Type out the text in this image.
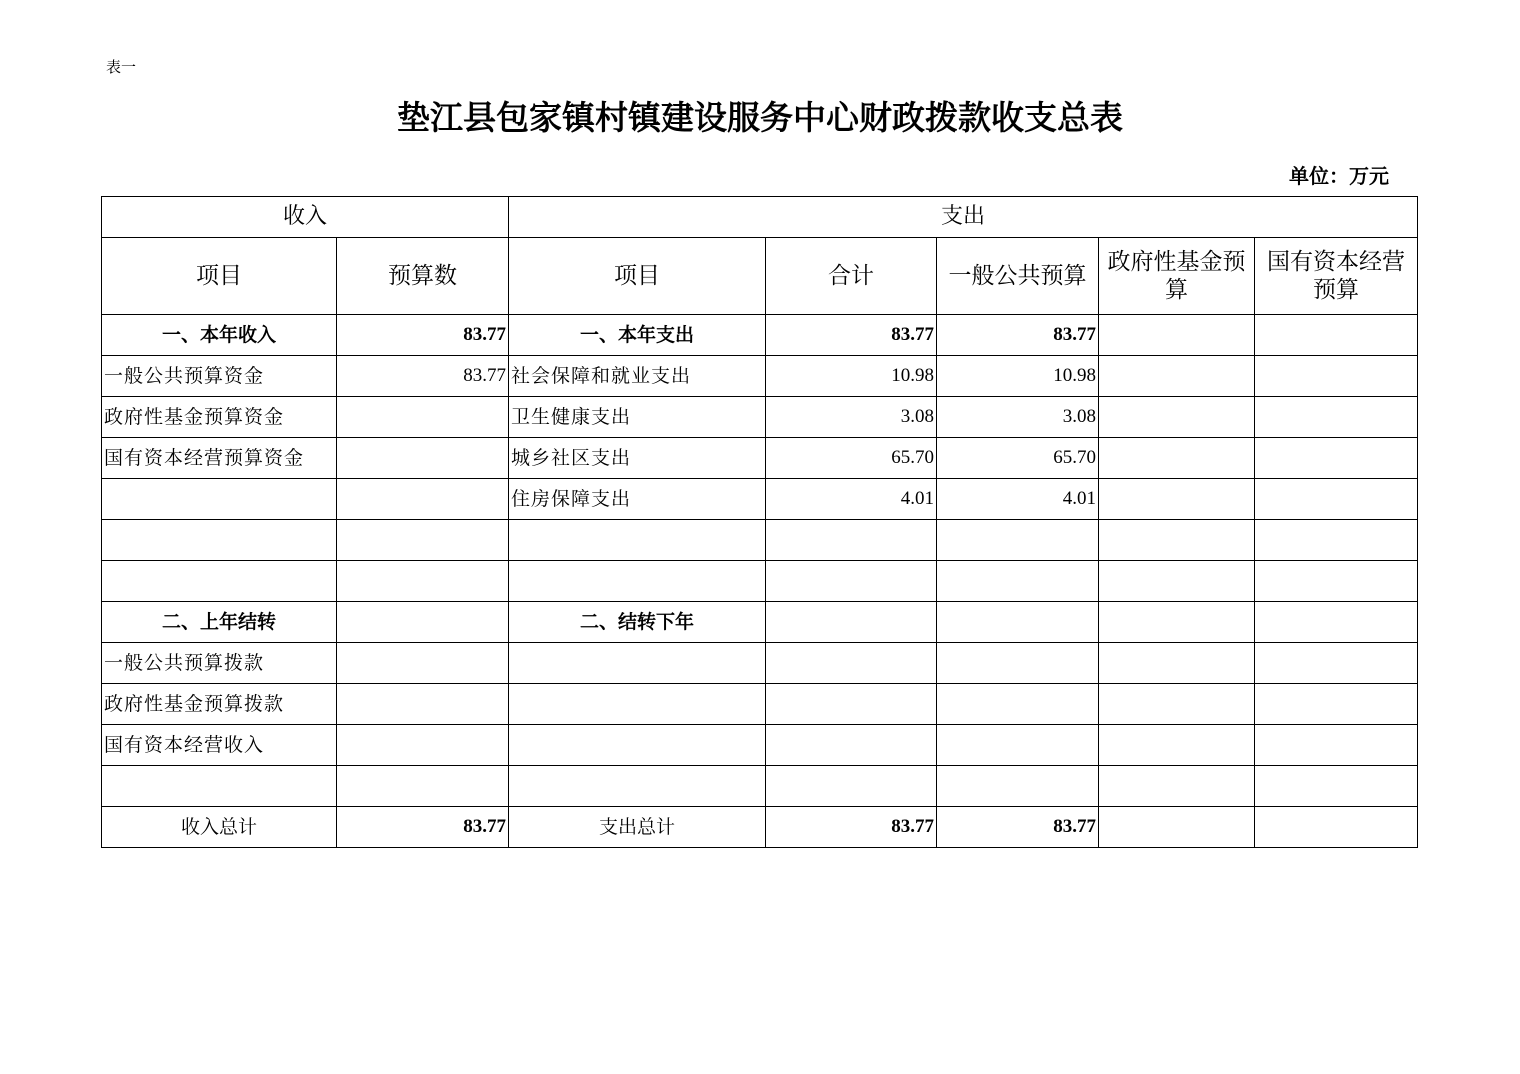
表一
垫江县包家镇村镇建设服务中心财政拨款收支总表
单位：万元
收入		支出				
项目	预算数	项目	合计	一般公共预算	政府性基金预算	国有资本经营预算
一、本年收入	83.77	一、本年支出	83.77	83.77		
一般公共预算资金	83.77	社会保障和就业支出	10.98	10.98		
政府性基金预算资金		卫生健康支出	3.08	3.08		
国有资本经营预算资金		城乡社区支出	65.70	65.70		
		住房保障支出	4.01	4.01		

二、上年结转		二、结转下年				
一般公共预算拨款						
政府性基金预算拨款						
国有资本经营收入						

收入总计	83.77	支出总计	83.77	83.77		
